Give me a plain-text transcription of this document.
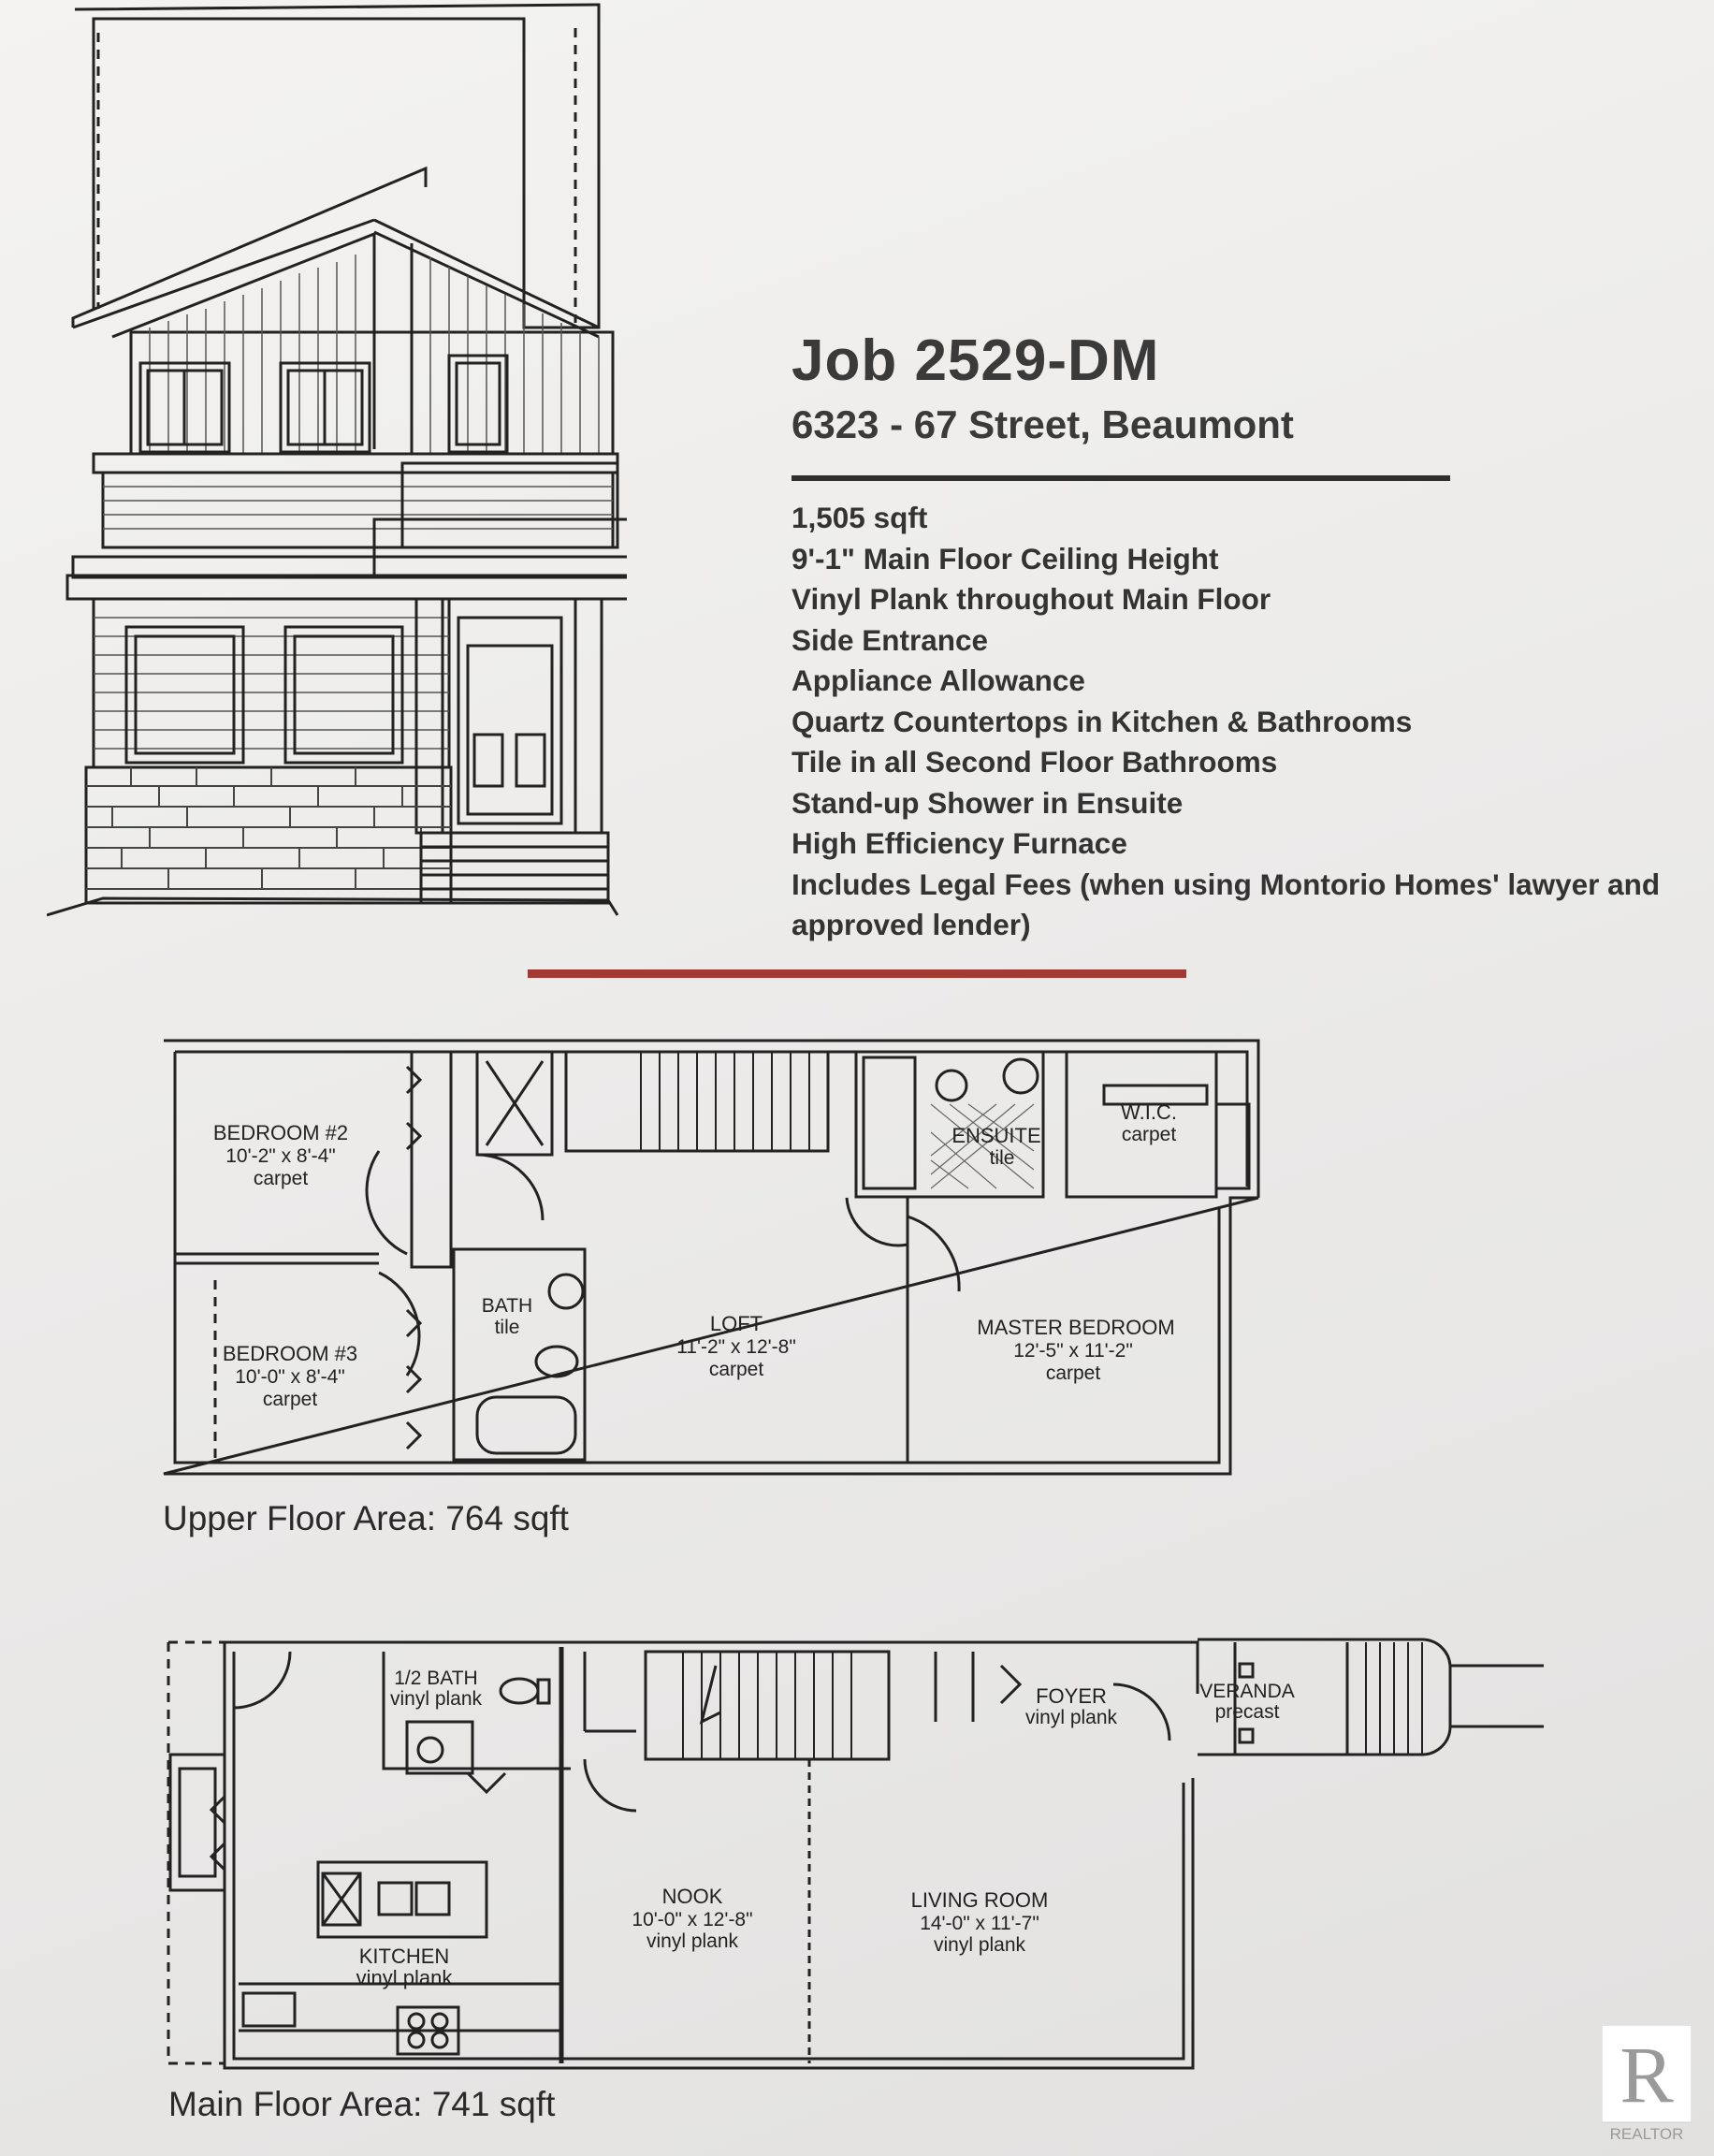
Job 2529-DM
6323 - 67 Street, Beaumont
1,505 sqft
9'-1" Main Floor Ceiling Height
Vinyl Plank throughout Main Floor
Side Entrance
Appliance Allowance
Quartz Countertops in Kitchen & Bathrooms
Tile in all Second Floor Bathrooms
Stand-up Shower in Ensuite
High Efficiency Furnace
Includes Legal Fees (when using Montorio Homes' lawyer and
approved lender)
BEDROOM #2
10'-2" x 8'-4"
carpet
BEDROOM #3
10'-0" x 8'-4"
carpet
BATH
tile	LOFT
11'-2" x 12'-8"
carpet
ENSUITE
tile
W.I.C.
carpet
MASTER BEDROOM
12'-5" x 11'-2"
carpet
Upper Floor Area: 764 sqft
1/2 BATH
vinyl plank
KITCHEN
vinyl plank
NOOK
10'-0" x 12'-8"
vinyl plank
LIVING ROOM
14'-0" x 11'-7"
vinyl plank
FOYER
vinyl plank
VERANDA
precast
Main Floor Area: 741 sqft	R
REALTOR
